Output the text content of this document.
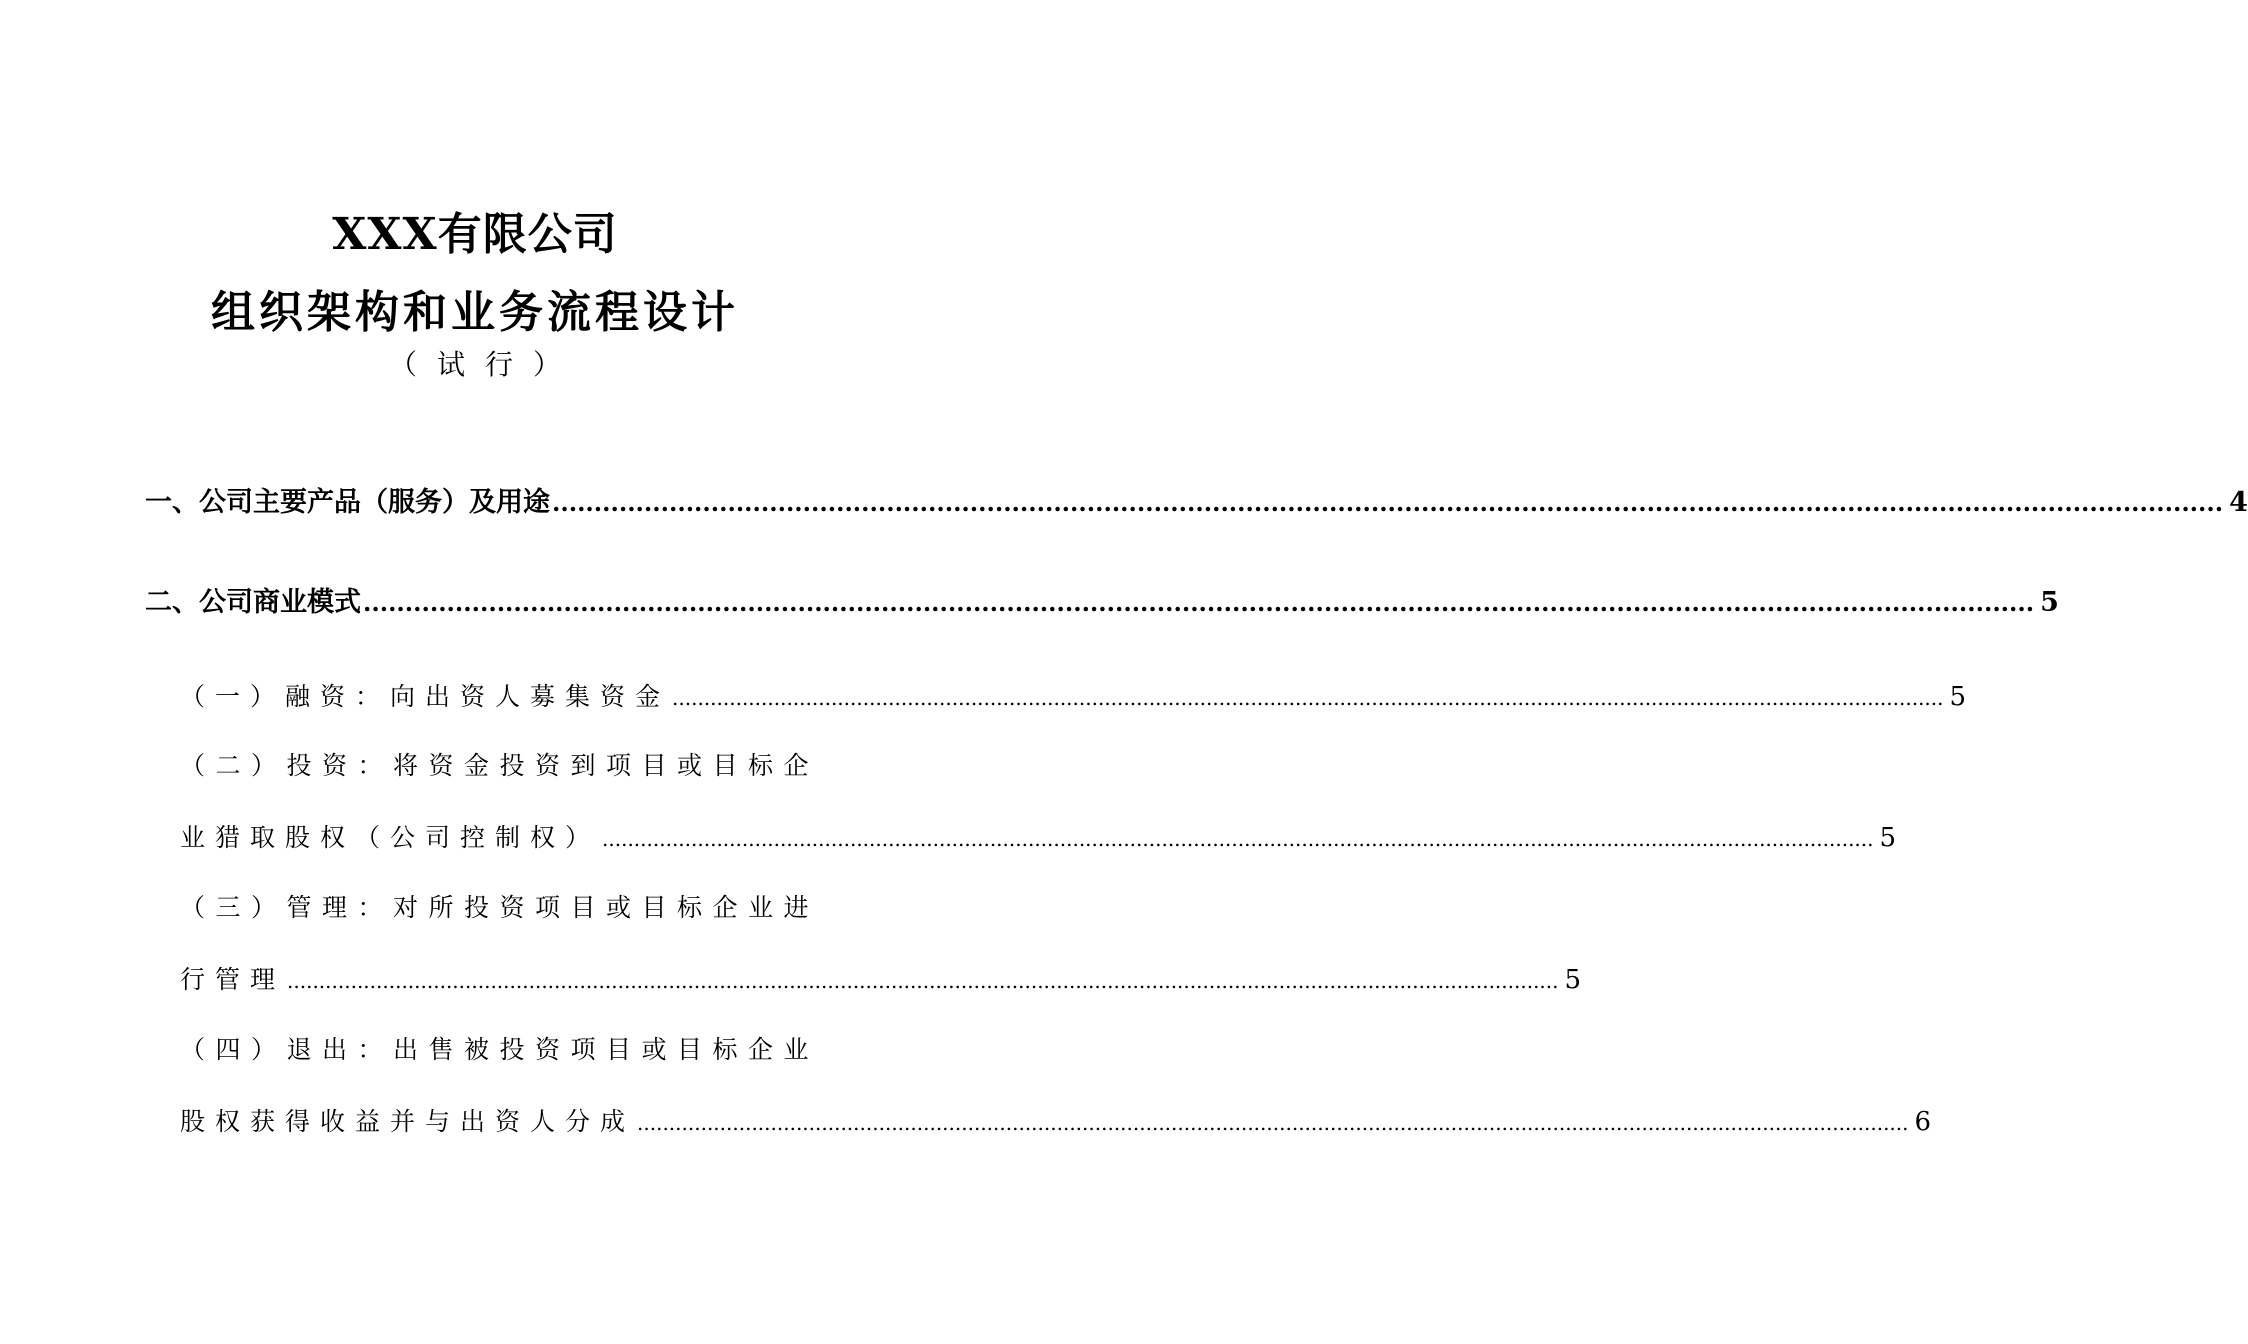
XXX有限公司
组织架构和业务流程设计
（试行）
一、公司主要产品（服务）及用途 ........................................................................................................................................................................................................ 4
二、公司商业模式 ........................................................................................................................................................................................................ 5
（一）融资：向出资人募集资金 ........................................................................................................................................................................................................ 5
（二）投资：将资金投资到项目或目标企
业猎取股权（公司控制权） ........................................................................................................................................................................................................ 5
（三）管理：对所投资项目或目标企业进
行管理 ........................................................................................................................................................................................................ 5
（四）退出：出售被投资项目或目标企业
股权获得收益并与出资人分成 ........................................................................................................................................................................................................ 6
